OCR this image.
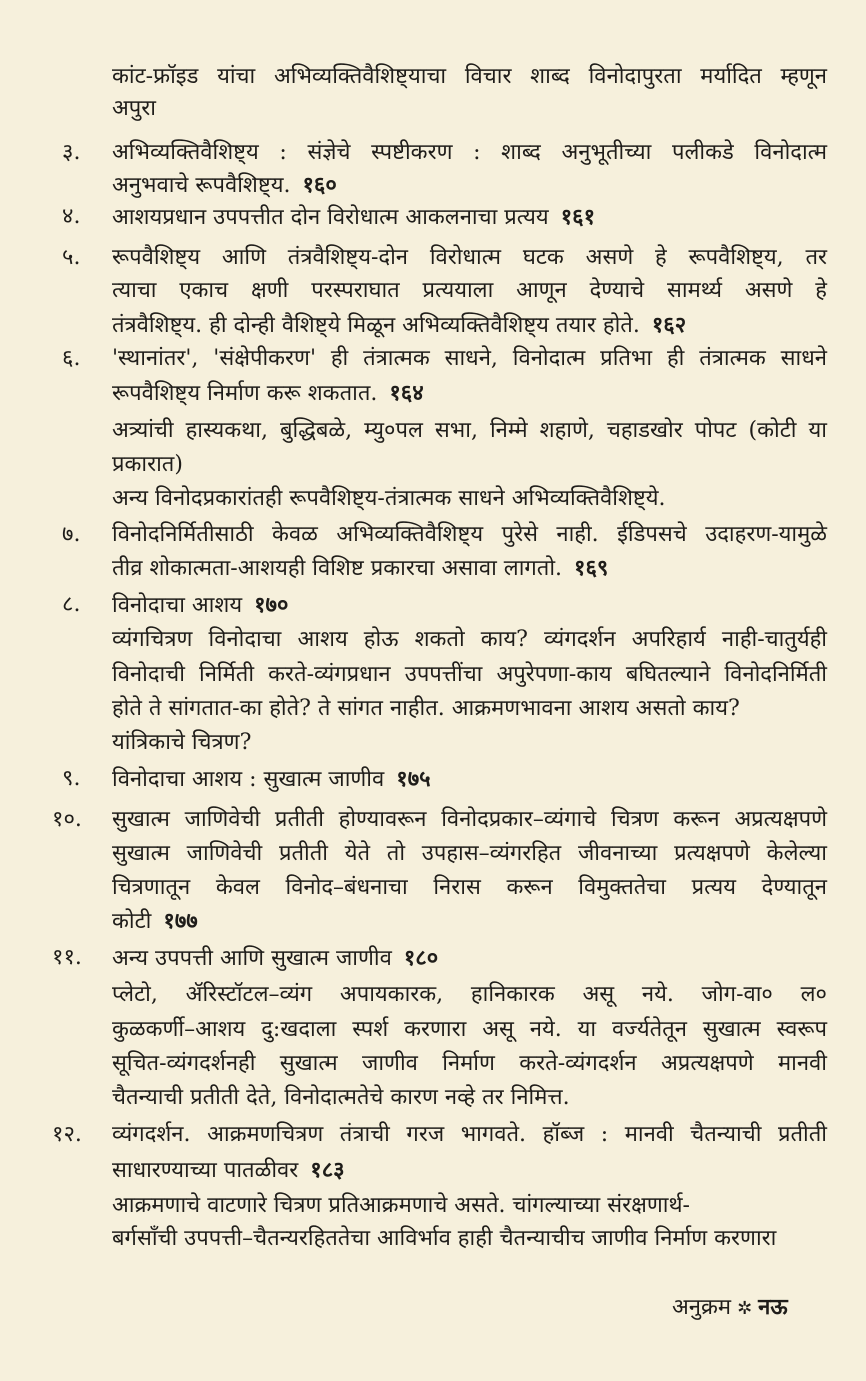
कांट-फ्रॉइड यांचा अभिव्यक्तिवैशिष्ट्याचा विचार शाब्द विनोदापुरता मर्यादित म्हणून
अपुरा
३. अभिव्यक्तिवैशिष्ट्य : संज्ञेचे स्पष्टीकरण : शाब्द अनुभूतीच्या पलीकडे विनोदात्म
अनुभवाचे रूपवैशिष्ट्य. १६०
४. आशयप्रधान उपपत्तीत दोन विरोधात्म आकलनाचा प्रत्यय १६१
५. रूपवैशिष्ट्य आणि तंत्रवैशिष्ट्य-दोन विरोधात्म घटक असणे हे रूपवैशिष्ट्य, तर
त्याचा एकाच क्षणी परस्पराघात प्रत्ययाला आणून देण्याचे सामर्थ्य असणे हे
तंत्रवैशिष्ट्य. ही दोन्ही वैशिष्ट्ये मिळून अभिव्यक्तिवैशिष्ट्य तयार होते. १६२
६. 'स्थानांतर', 'संक्षेपीकरण' ही तंत्रात्मक साधने, विनोदात्म प्रतिभा ही तंत्रात्मक साधने
रूपवैशिष्ट्य निर्माण करू शकतात. १६४
अत्र्यांची हास्यकथा, बुद्धिबळे, म्यु०पल सभा, निम्मे शहाणे, चहाडखोर पोपट (कोटी या
प्रकारात)
अन्य विनोदप्रकारांतही रूपवैशिष्ट्य-तंत्रात्मक साधने अभिव्यक्तिवैशिष्ट्ये.
७. विनोदनिर्मितीसाठी केवळ अभिव्यक्तिवैशिष्ट्य पुरेसे नाही. ईडिपसचे उदाहरण-यामुळे
तीव्र शोकात्मता-आशयही विशिष्ट प्रकारचा असावा लागतो. १६९
८. विनोदाचा आशय १७०
व्यंगचित्रण विनोदाचा आशय होऊ शकतो काय? व्यंगदर्शन अपरिहार्य नाही-चातुर्यही
विनोदाची निर्मिती करते-व्यंगप्रधान उपपत्तींचा अपुरेपणा-काय बघितल्याने विनोदनिर्मिती
होते ते सांगतात-का होते? ते सांगत नाहीत. आक्रमणभावना आशय असतो काय?
यांत्रिकाचे चित्रण?
९. विनोदाचा आशय : सुखात्म जाणीव १७५
१०. सुखात्म जाणिवेची प्रतीती होण्यावरून विनोदप्रकार–व्यंगाचे चित्रण करून अप्रत्यक्षपणे
सुखात्म जाणिवेची प्रतीती येते तो उपहास–व्यंगरहित जीवनाच्या प्रत्यक्षपणे केलेल्या
चित्रणातून केवल विनोद–बंधनाचा निरास करून विमुक्ततेचा प्रत्यय देण्यातून
कोटी १७७
११. अन्य उपपत्ती आणि सुखात्म जाणीव १८०
प्लेटो, ॲरिस्टॉटल–व्यंग अपायकारक, हानिकारक असू नये. जोग-वा० ल०
कुळकर्णी–आशय दु:खदाला स्पर्श करणारा असू नये. या वर्ज्यतेतून सुखात्म स्वरूप
सूचित-व्यंगदर्शनही सुखात्म जाणीव निर्माण करते-व्यंगदर्शन अप्रत्यक्षपणे मानवी
चैतन्याची प्रतीती देते, विनोदात्मतेचे कारण नव्हे तर निमित्त.
१२. व्यंगदर्शन. आक्रमणचित्रण तंत्राची गरज भागवते. हॉब्ज : मानवी चैतन्याची प्रतीती
साधारण्याच्या पातळीवर १८३
आक्रमणाचे वाटणारे चित्रण प्रतिआक्रमणाचे असते. चांगल्याच्या संरक्षणार्थ-
बर्गसाँची उपपत्ती–चैतन्यरहिततेचा आविर्भाव हाही चैतन्याचीच जाणीव निर्माण करणारा
अनुक्रम ✲ नऊ
